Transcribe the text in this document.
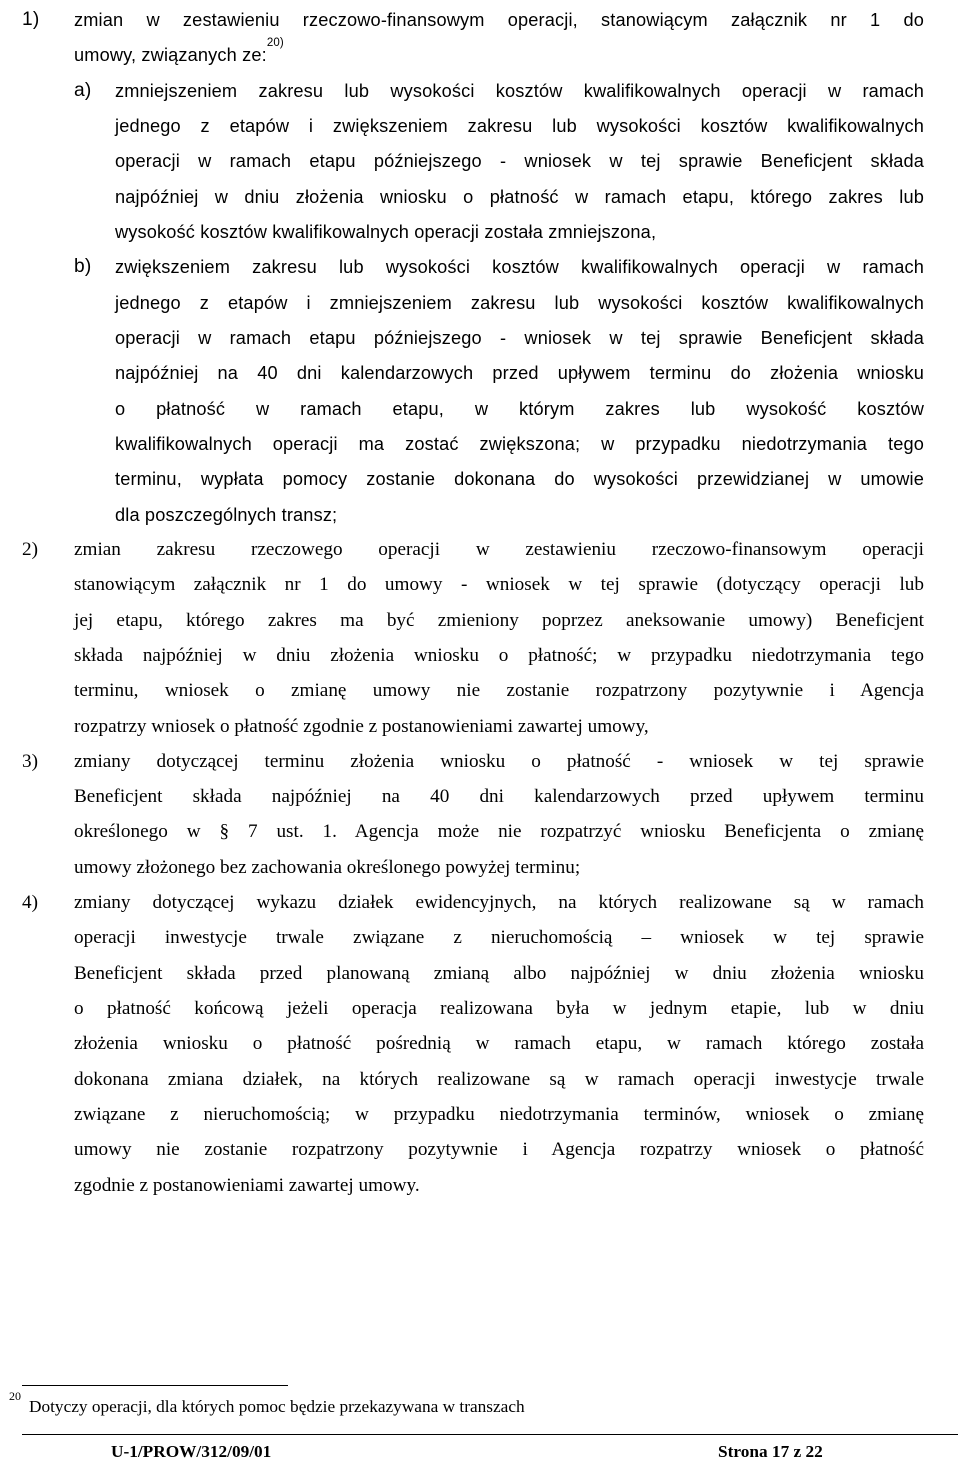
1) zmian w zestawieniu rzeczowo-finansowym operacji, stanowiącym załącznik nr 1 do
umowy, związanych ze:$^{20)}$
a) zmniejszeniem zakresu lub wysokości kosztów kwalifikowalnych operacji w ramach
jednego z etapów i zwiększeniem zakresu lub wysokości kosztów kwalifikowalnych
operacji w ramach etapu późniejszego - wniosek w tej sprawie Beneficjent składa
najpóźniej w dniu złożenia wniosku o płatność w ramach etapu, którego zakres lub
wysokość kosztów kwalifikowalnych operacji została zmniejszona,
b) zwiększeniem zakresu lub wysokości kosztów kwalifikowalnych operacji w ramach
jednego z etapów i zmniejszeniem zakresu lub wysokości kosztów kwalifikowalnych
operacji w ramach etapu późniejszego - wniosek w tej sprawie Beneficjent składa
najpóźniej na 40 dni kalendarzowych przed upływem terminu do złożenia wniosku
o płatność w ramach etapu, w którym zakres lub wysokość kosztów
kwalifikowalnych operacji ma zostać zwiększona; w przypadku niedotrzymania tego
terminu, wypłata pomocy zostanie dokonana do wysokości przewidzianej w umowie
dla poszczególnych transz;
2) zmian zakresu rzeczowego operacji w zestawieniu rzeczowo-finansowym operacji
stanowiącym załącznik nr 1 do umowy - wniosek w tej sprawie (dotyczący operacji lub
jej etapu, którego zakres ma być zmieniony poprzez aneksowanie umowy) Beneficjent
składa najpóźniej w dniu złożenia wniosku o płatność; w przypadku niedotrzymania tego
terminu, wniosek o zmianę umowy nie zostanie rozpatrzony pozytywnie i Agencja
rozpatrzy wniosek o płatność zgodnie z postanowieniami zawartej umowy,
3) zmiany dotyczącej terminu złożenia wniosku o płatność - wniosek w tej sprawie
Beneficjent składa najpóźniej na 40 dni kalendarzowych przed upływem terminu
określonego w § 7 ust. 1. Agencja może nie rozpatrzyć wniosku Beneficjenta o zmianę
umowy złożonego bez zachowania określonego powyżej terminu;
4) zmiany dotyczącej wykazu działek ewidencyjnych, na których realizowane są w ramach
operacji inwestycje trwale związane z nieruchomością – wniosek w tej sprawie
Beneficjent składa przed planowaną zmianą albo najpóźniej w dniu złożenia wniosku
o płatność końcową jeżeli operacja realizowana była w jednym etapie, lub w dniu
złożenia wniosku o płatność pośrednią w ramach etapu, w ramach którego została
dokonana zmiana działek, na których realizowane są w ramach operacji inwestycje trwale
związane z nieruchomością; w przypadku niedotrzymania terminów, wniosek o zmianę
umowy nie zostanie rozpatrzony pozytywnie i Agencja rozpatrzy wniosek o płatność
zgodnie z postanowieniami zawartej umowy.
20
Dotyczy operacji, dla których pomoc będzie przekazywana w transzach
U-1/PROW/312/09/01	Strona 17 z 22
